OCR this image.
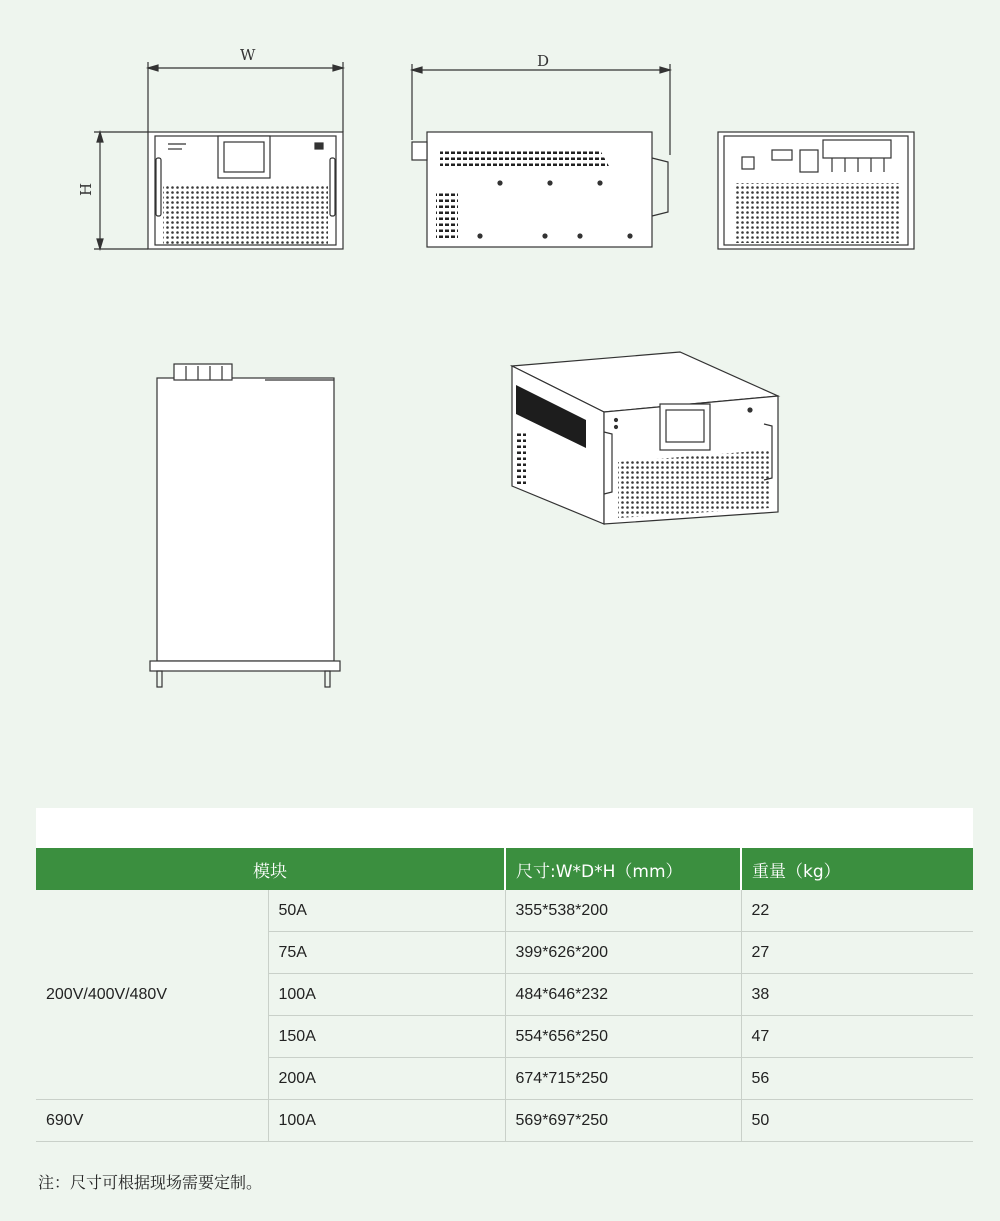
W
H
D
模块		尺寸:W*D*H（mm）	重量（kg）
200V/400V/480V	50A	355*538*200	22
	75A	399*626*200	27
	100A	484*646*232	38
	150A	554*656*250	47
	200A	674*715*250	56
690V	100A	569*697*250	50
注：尺寸可根据现场需要定制。
